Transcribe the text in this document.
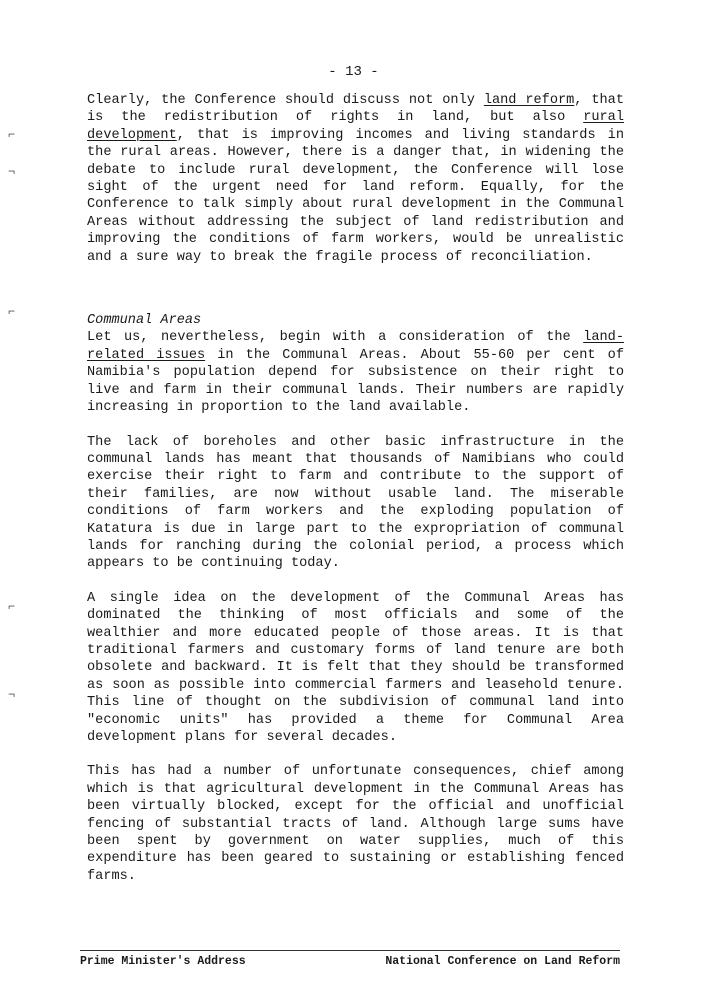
- 13 -

Clearly, the Conference should discuss not only land reform, that is the redistribution of rights in land, but also rural development, that is improving incomes and living standards in the rural areas. However, there is a danger that, in widening the debate to include rural development, the Conference will lose sight of the urgent need for land reform. Equally, for the Conference to talk simply about rural development in the Communal Areas without addressing the subject of land redistribution and improving the conditions of farm workers, would be unrealistic and a sure way to break the fragile process of reconciliation.

Communal Areas

Let us, nevertheless, begin with a consideration of the land-related issues in the Communal Areas. About 55-60 per cent of Namibia's population depend for subsistence on their right to live and farm in their communal lands. Their numbers are rapidly increasing in proportion to the land available.

The lack of boreholes and other basic infrastructure in the communal lands has meant that thousands of Namibians who could exercise their right to farm and contribute to the support of their families, are now without usable land. The miserable conditions of farm workers and the exploding population of Katatura is due in large part to the expropriation of communal lands for ranching during the colonial period, a process which appears to be continuing today.

A single idea on the development of the Communal Areas has dominated the thinking of most officials and some of the wealthier and more educated people of those areas. It is that traditional farmers and customary forms of land tenure are both obsolete and backward. It is felt that they should be transformed as soon as possible into commercial farmers and leasehold tenure. This line of thought on the subdivision of communal land into "economic units" has provided a theme for Communal Area development plans for several decades.

This has had a number of unfortunate consequences, chief among which is that agricultural development in the Communal Areas has been virtually blocked, except for the official and unofficial fencing of substantial tracts of land. Although large sums have been spent by government on water supplies, much of this expenditure has been geared to sustaining or establishing fenced farms.

⌐
¬
⌐
⌐
¬
Prime Minister's Address	National Conference on Land Reform
